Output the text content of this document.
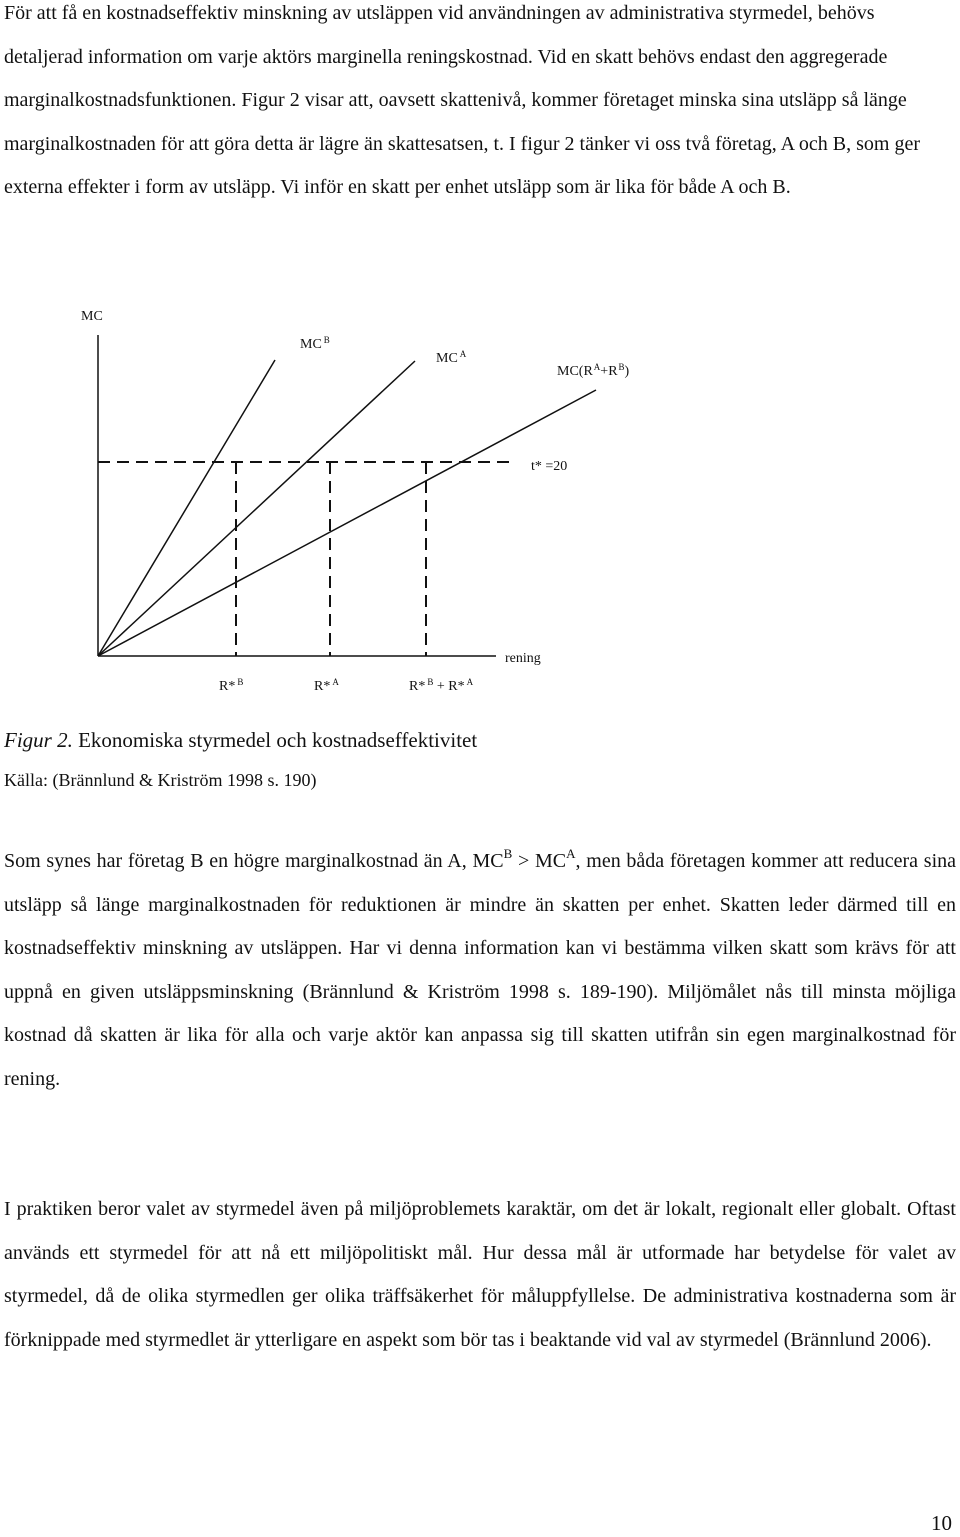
För att få en kostnadseffektiv minskning av utsläppen vid användningen av administrativa styrmedel, behövs detaljerad information om varje aktörs marginella reningskostnad. Vid en skatt behövs endast den aggregerade marginalkostnadsfunktionen. Figur 2 visar att, oavsett skattenivå, kommer företaget minska sina utsläpp så länge marginalkostnaden för att göra detta är lägre än skattesatsen, t. I figur 2 tänker vi oss två företag, A och B, som ger externa effekter i form av utsläpp. Vi inför en skatt per enhet utsläpp som är lika för både A och B.

MC
MC $^B$
MC $^A$
$MC(R^A+R^B)$
t* =20
rening
R* $^B$	R* $^A$	R* $^B$ + R* $^A$

Figur 2. Ekonomiska styrmedel och kostnadseffektivitet

Källa: (Brännlund & Kriström 1998 s. 190)

Som synes har företag B en högre marginalkostnad än A, $MC^B > MC^A$, men båda företagen kommer att reducera sina utsläpp så länge marginalkostnaden för reduktionen är mindre än skatten per enhet. Skatten leder därmed till en kostnadseffektiv minskning av utsläppen. Har vi denna information kan vi bestämma vilken skatt som krävs för att uppnå en given utsläppsminskning (Brännlund & Kriström 1998 s. 189-190). Miljömålet nås till minsta möjliga kostnad då skatten är lika för alla och varje aktör kan anpassa sig till skatten utifrån sin egen marginalkostnad för rening.

I praktiken beror valet av styrmedel även på miljöproblemets karaktär, om det är lokalt, regionalt eller globalt. Oftast används ett styrmedel för att nå ett miljöpolitiskt mål. Hur dessa mål är utformade har betydelse för valet av styrmedel, då de olika styrmedlen ger olika träffsäkerhet för måluppfyllelse. De administrativa kostnaderna som är förknippade med styrmedlet är ytterligare en aspekt som bör tas i beaktande vid val av styrmedel (Brännlund 2006).

10
